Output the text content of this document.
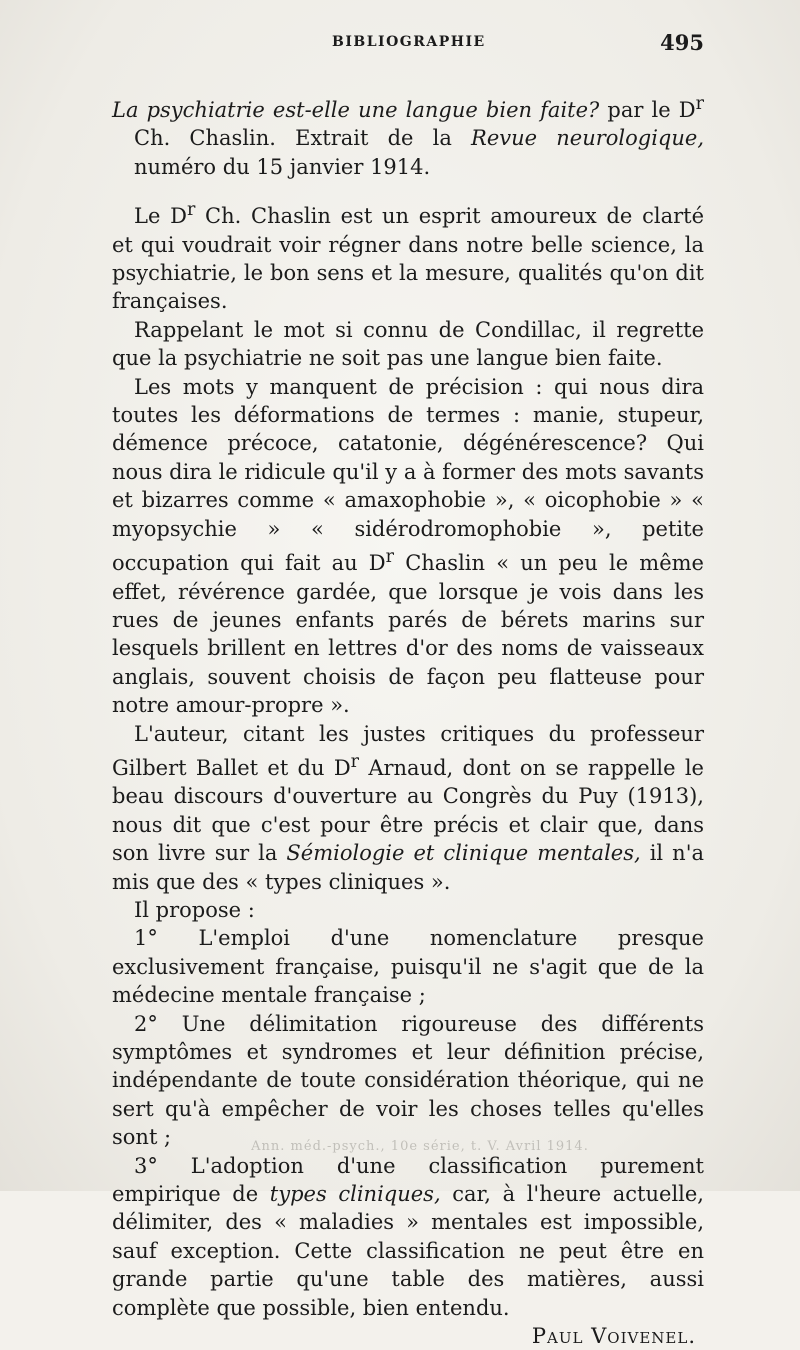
BIBLIOGRAPHIE	495

La psychiatrie est-elle une langue bien faite? par le $D^r$ Ch. Chaslin. Extrait de la Revue neurologique, numéro du 15 janvier 1914.

Le $D^r$ Ch. Chaslin est un esprit amoureux de clarté et qui voudrait voir régner dans notre belle science, la psychiatrie, le bon sens et la mesure, qualités qu'on dit françaises.

Rappelant le mot si connu de Condillac, il regrette que la psychiatrie ne soit pas une langue bien faite.

Les mots y manquent de précision : qui nous dira toutes les déformations de termes : manie, stupeur, démence précoce, catatonie, dégénérescence? Qui nous dira le ridicule qu'il y a à former des mots savants et bizarres comme « amaxophobie », « oicophobie » « myopsychie » « sidérodromophobie », petite occupation qui fait au $D^r$ Chaslin « un peu le même effet, révérence gardée, que lorsque je vois dans les rues de jeunes enfants parés de bérets marins sur lesquels brillent en lettres d'or des noms de vaisseaux anglais, souvent choisis de façon peu flatteuse pour notre amour-propre ».

L'auteur, citant les justes critiques du professeur Gilbert Ballet et du $D^r$ Arnaud, dont on se rappelle le beau discours d'ouverture au Congrès du Puy (1913), nous dit que c'est pour être précis et clair que, dans son livre sur la Sémiologie et clinique mentales, il n'a mis que des « types cliniques ».

Il propose :

1° L'emploi d'une nomenclature presque exclusivement française, puisqu'il ne s'agit que de la médecine mentale française ;

2° Une délimitation rigoureuse des différents symptômes et syndromes et leur définition précise, indépendante de toute considération théorique, qui ne sert qu'à empêcher de voir les choses telles qu'elles sont ;

3° L'adoption d'une classification purement empirique de types cliniques, car, à l'heure actuelle, délimiter, des « maladies » mentales est impossible, sauf exception. Cette classification ne peut être en grande partie qu'une table des matières, aussi complète que possible, bien entendu.

Paul Voivenel.

Ann. méd.-psych., 10e série, t. V. Avril 1914.
